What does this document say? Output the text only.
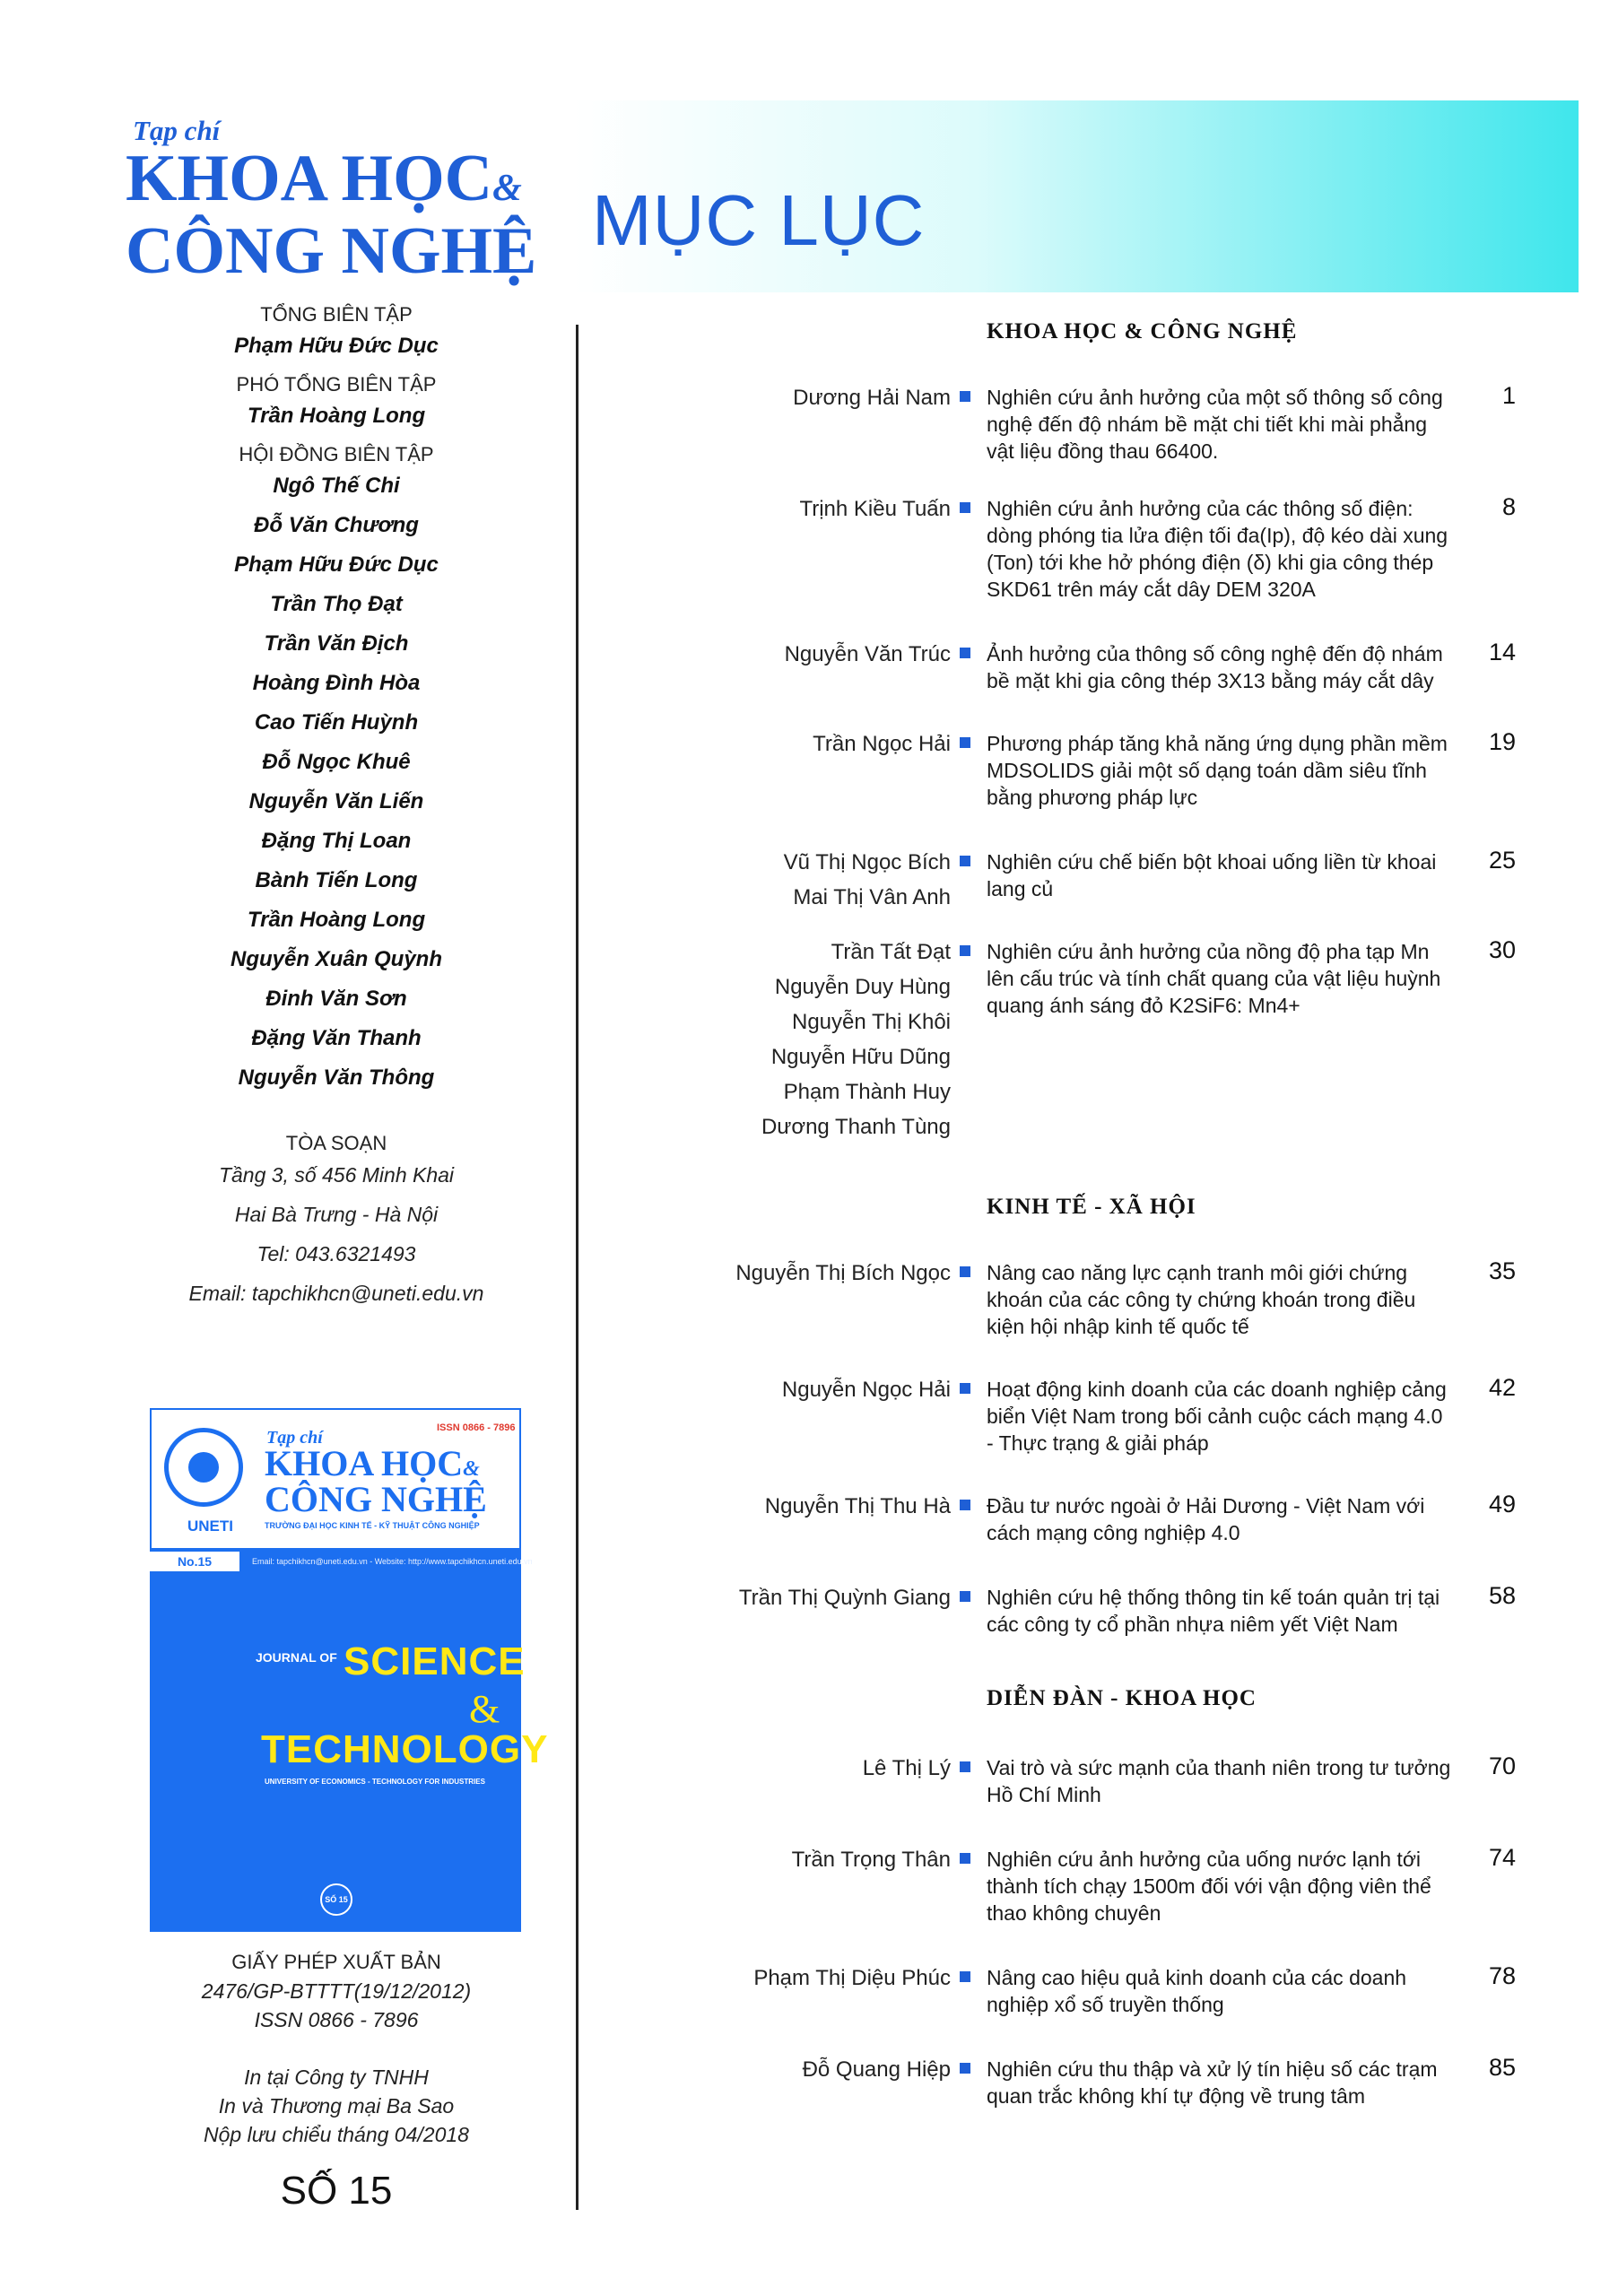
Tạp chí
KHOA HỌC&
CÔNG NGHỆ MỤC LỤC
TỔNG BIÊN TẬP
Phạm Hữu Đức Dục
PHÓ TỔNG BIÊN TẬP
Trần Hoàng Long
HỘI ĐỒNG BIÊN TẬP
Ngô Thế Chi
Đỗ Văn Chương
Phạm Hữu Đức Dục
Trần Thọ Đạt
Trần Văn Địch
Hoàng Đình Hòa
Cao Tiến Huỳnh
Đỗ Ngọc Khuê
Nguyễn Văn Liến
Đặng Thị Loan
Bành Tiến Long
Trần Hoàng Long
Nguyễn Xuân Quỳnh
Đinh Văn Sơn
Đặng Văn Thanh
Nguyễn Văn Thông
TÒA SOẠN
Tầng 3, số 456 Minh Khai
Hai Bà Trưng - Hà Nội
Tel: 043.6321493
Email: tapchikhcn@uneti.edu.vn
UNETI
Tạp chí	ISSN 0866 - 7896
KHOA HỌC&
CÔNG NGHỆ
TRƯỜNG ĐẠI HỌC KINH TẾ - KỸ THUẬT CÔNG NGHIỆP
No.15	Email: tapchikhcn@uneti.edu.vn - Website: http://www.tapchikhcn.uneti.edu.vn
JOURNAL OF SCIENCE
&
TECHNOLOGY
UNIVERSITY OF ECONOMICS - TECHNOLOGY FOR INDUSTRIES
SỐ 15
GIẤY PHÉP XUẤT BẢN
2476/GP-BTTTT(19/12/2012)
ISSN 0866 - 7896
In tại Công ty TNHH
In và Thương mại Ba Sao
Nộp lưu chiểu tháng 04/2018
SỐ 15
KHOA HỌC & CÔNG NGHỆ
KINH TẾ - XÃ HỘI
DIỄN ĐÀN - KHOA HỌC
Dương Hải Nam Nghiên cứu ảnh hưởng của một số thông số công nghệ đến độ nhám bề mặt chi tiết khi mài phẳng vật liệu đồng thau 66400.
1
Trịnh Kiều Tuấn Nghiên cứu ảnh hưởng của các thông số điện: dòng phóng tia lửa điện tối đa(Ip), độ kéo dài xung (Ton) tới khe hở phóng điện (δ) khi gia công thép SKD61 trên máy cắt dây DEM 320A
8
Nguyễn Văn Trúc Ảnh hưởng của thông số công nghệ đến độ nhám bề mặt khi gia công thép 3X13 bằng máy cắt dây
14
Trần Ngọc Hải Phương pháp tăng khả năng ứng dụng phần mềm MDSOLIDS giải một số dạng toán dầm siêu tĩnh bằng phương pháp lực
19
Vũ Thị Ngọc Bích
Mai Thị Vân Anh
Nghiên cứu chế biến bột khoai uống liền từ khoai lang củ
25
Trần Tất Đạt
Nguyễn Duy Hùng
Nguyễn Thị Khôi
Nguyễn Hữu Dũng
Phạm Thành Huy
Dương Thanh Tùng
Nghiên cứu ảnh hưởng của nồng độ pha tạp Mn lên cấu trúc và tính chất quang của vật liệu huỳnh quang ánh sáng đỏ K2SiF6: Mn4+
30
Nguyễn Thị Bích Ngọc Nâng cao năng lực cạnh tranh môi giới chứng khoán của các công ty chứng khoán trong điều kiện hội nhập kinh tế quốc tế
35
Nguyễn Ngọc Hải Hoạt động kinh doanh của các doanh nghiệp cảng biển Việt Nam trong bối cảnh cuộc cách mạng 4.0 - Thực trạng & giải pháp
42
Nguyễn Thị Thu Hà Đầu tư nước ngoài ở Hải Dương - Việt Nam với cách mạng công nghiệp 4.0
49
Trần Thị Quỳnh Giang Nghiên cứu hệ thống thông tin kế toán quản trị tại các công ty cổ phần nhựa niêm yết Việt Nam
58
Lê Thị Lý Vai trò và sức mạnh của thanh niên trong tư tưởng Hồ Chí Minh
70
Trần Trọng Thân Nghiên cứu ảnh hưởng của uống nước lạnh tới thành tích chạy 1500m đối với vận động viên thể thao không chuyên
74
Phạm Thị Diệu Phúc Nâng cao hiệu quả kinh doanh của các doanh nghiệp xổ số truyền thống
78
Đỗ Quang Hiệp Nghiên cứu thu thập và xử lý tín hiệu số các trạm quan trắc không khí tự động về trung tâm
85
